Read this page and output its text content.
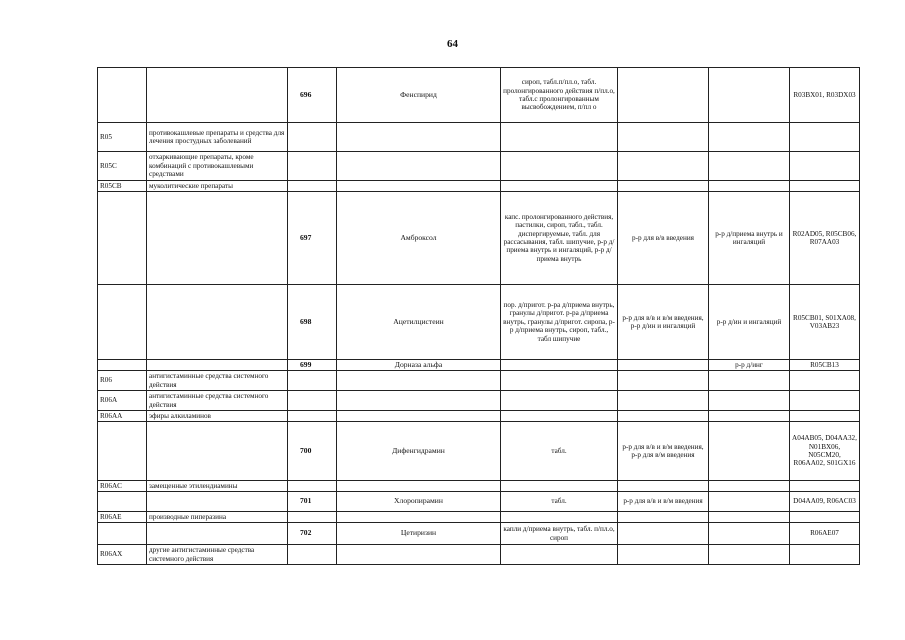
64
		696	Фенспирид	сироп, табл.п/пл.о, табл. пролонгированного действия п/пл.о, табл.с пролонгированным высвобождением, п/пл о			R03BX01, R03DX03
R05	противокашлевые препараты и средства для лечения простудных заболеваний						
R05C	отхаркивающие препараты, кроме комбинаций с противокашлевыми средствами						
R05CB	муколитические препараты						
		697	Амброксол	капс. пролонгированного действия, пастилки, сироп, табл., табл. диспергируемые, табл. для рассасывания, табл. шипучие, р-р д/приема внутрь и ингаляций, р-р д/приема внутрь	р-р для в/в введения	р-р д/приема внутрь и ингаляций	R02AD05, R05CB06, R07AA03
		698	Ацетилцистеин	пор. д/пригот. р-ра д/приема внутрь, гранулы д/пригот. р-ра д/приема внутрь, гранулы д/пригот. сиропа, р-р д/приема внутрь, сироп, табл., табл шипучие	р-р для в/в и в/м введения, р-р д/ин и ингаляций	р-р д/ин и ингаляций	R05CB01, S01XA08, V03AB23
		699	Дорназа альфа			р-р д/инг	R05CB13
R06	антигистаминные средства системного действия						
R06A	антигистаминные средства системного действия						
R06AA	эфиры алкиламинов						
		700	Дифенгидрамин	табл.	р-р для в/в и в/м введения, р-р для в/м введения		A04AB05, D04AA32, N01BX06, N05CM20, R06AA02, S01GX16
R06AC	замещенные этилендиамины						
		701	Хлоропирамин	табл.	р-р для в/в и в/м введения		D04AA09, R06AC03
R06AE	производные пиперазина						
		702	Цетиризин	капли д/приема внутрь, табл. п/пл.о, сироп			R06AE07
R06AX	другие антигистаминные средства системного действия						
